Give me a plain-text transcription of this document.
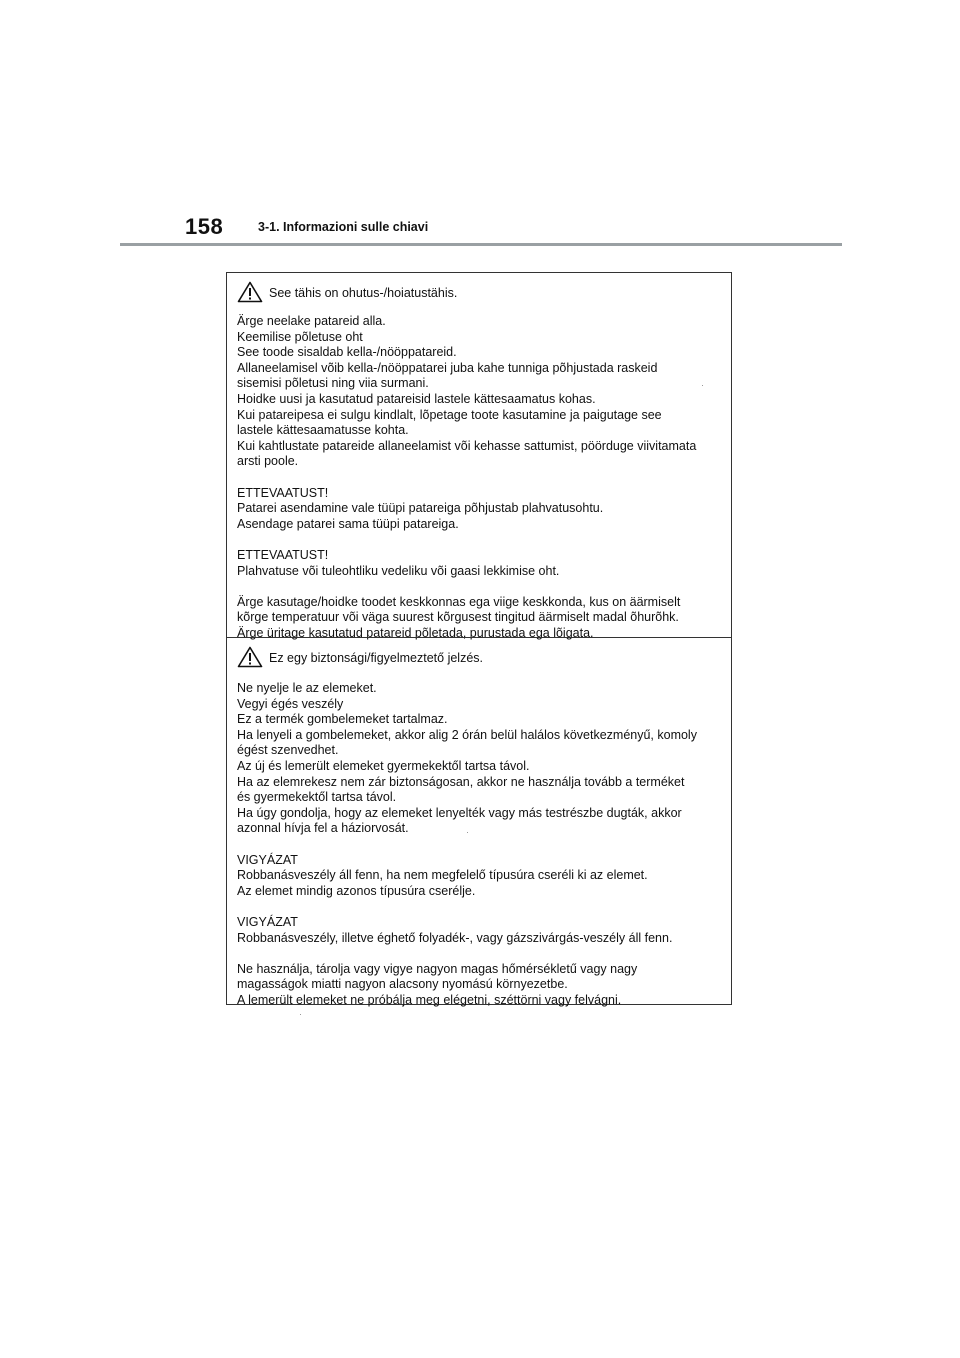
158	3-1. Informazioni sulle chiavi
See tähis on ohutus-/hoiatustähis.
Ärge neelake patareid alla.
Keemilise põletuse oht
See toode sisaldab kella-/nööppatareid.
Allaneelamisel võib kella-/nööppatarei juba kahe tunniga põhjustada raskeid
sisemisi põletusi ning viia surmani.
Hoidke uusi ja kasutatud patareisid lastele kättesaamatus kohas.
Kui patareipesa ei sulgu kindlalt, lõpetage toote kasutamine ja paigutage see
lastele kättesaamatusse kohta.
Kui kahtlustate patareide allaneelamist või kehasse sattumist, pöörduge viivitamata
arsti poole.
ETTEVAATUST!
Patarei asendamine vale tüüpi patareiga põhjustab plahvatusohtu.
Asendage patarei sama tüüpi patareiga.
ETTEVAATUST!
Plahvatuse või tuleohtliku vedeliku või gaasi lekkimise oht.
Ärge kasutage/hoidke toodet keskkonnas ega viige keskkonda, kus on äärmiselt
kõrge temperatuur või väga suurest kõrgusest tingitud äärmiselt madal õhurõhk.
Ärge üritage kasutatud patareid põletada, purustada ega lõigata.
Ez egy biztonsági/figyelmeztető jelzés.
Ne nyelje le az elemeket.
Vegyi égés veszély
Ez a termék gombelemeket tartalmaz.
Ha lenyeli a gombelemeket, akkor alig 2 órán belül halálos következményű, komoly
égést szenvedhet.
Az új és lemerült elemeket gyermekektől tartsa távol.
Ha az elemrekesz nem zár biztonságosan, akkor ne használja tovább a terméket
és gyermekektől tartsa távol.
Ha úgy gondolja, hogy az elemeket lenyelték vagy más testrészbe dugták, akkor
azonnal hívja fel a háziorvosát.
VIGYÁZAT
Robbanásveszély áll fenn, ha nem megfelelő típusúra cseréli ki az elemet.
Az elemet mindig azonos típusúra cserélje.
VIGYÁZAT
Robbanásveszély, illetve éghető folyadék-, vagy gázszivárgás-veszély áll fenn.
Ne használja, tárolja vagy vigye nagyon magas hőmérsékletű vagy nagy
magasságok miatti nagyon alacsony nyomású környezetbe.
A lemerült elemeket ne próbálja meg elégetni, széttörni vagy felvágni.
